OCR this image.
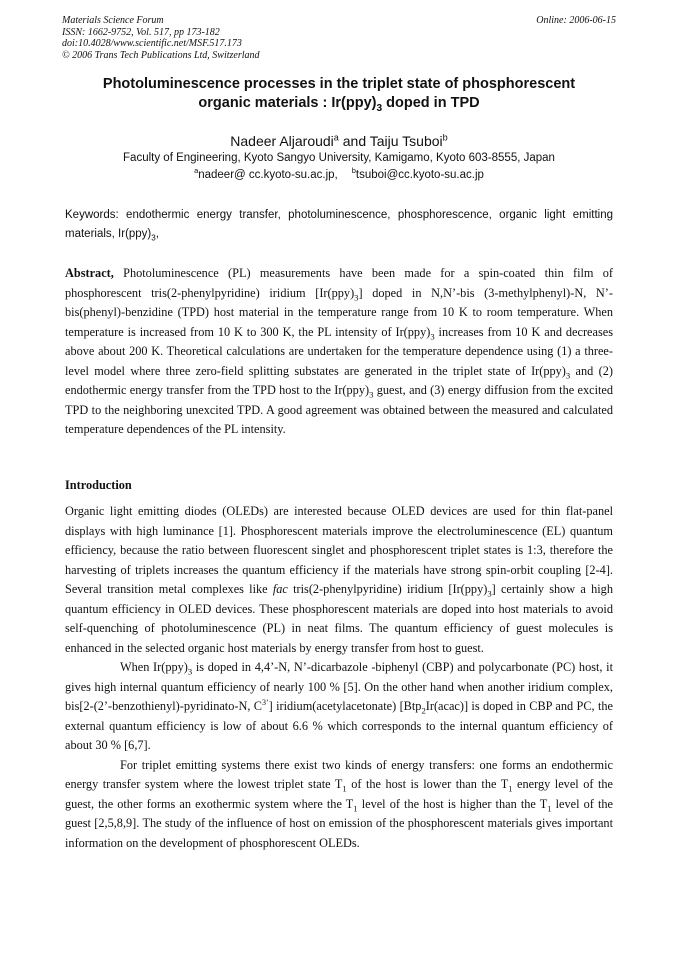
Materials Science Forum
ISSN: 1662-9752, Vol. 517, pp 173-182
doi:10.4028/www.scientific.net/MSF.517.173
© 2006 Trans Tech Publications Ltd, Switzerland
Online: 2006-06-15
Photoluminescence processes in the triplet state of phosphorescent
organic materials : $Ir(ppy)_3$ doped in TPD
Nadeer Aljaroudi$^a$ and Taiju Tsuboi$^b$
Faculty of Engineering, Kyoto Sangyo University, Kamigamo, Kyoto 603-8555, Japan
$^a$nadeer@ cc.kyoto-su.ac.jp, $^b$tsuboi@cc.kyoto-su.ac.jp
Keywords: endothermic energy transfer, photoluminescence, phosphorescence, organic light emitting materials, $Ir(ppy)_3$,
Abstract, Photoluminescence (PL) measurements have been made for a spin-coated thin film of phosphorescent tris(2-phenylpyridine) iridium $[Ir(ppy)_3]$ doped in N,N’-bis (3-methylphenyl)-N, N’-bis(phenyl)-benzidine (TPD) host material in the temperature range from 10 K to room temperature. When temperature is increased from 10 K to 300 K, the PL intensity of $Ir(ppy)_3$ increases from 10 K and decreases above about 200 K. Theoretical calculations are undertaken for the temperature dependence using (1) a three-level model where three zero-field splitting substates are generated in the triplet state of $Ir(ppy)_3$ and (2) endothermic energy transfer from the TPD host to the $Ir(ppy)_3$ guest, and (3) energy diffusion from the excited TPD to the neighboring unexcited TPD. A good agreement was obtained between the measured and calculated temperature dependences of the PL intensity.
Introduction

Organic light emitting diodes (OLEDs) are interested because OLED devices are used for thin flat-panel displays with high luminance [1]. Phosphorescent materials improve the electroluminescence (EL) quantum efficiency, because the ratio between fluorescent singlet and phosphorescent triplet states is 1:3, therefore the harvesting of triplets increases the quantum efficiency if the materials have strong spin-orbit coupling [2-4]. Several transition metal complexes like fac tris(2-phenylpyridine) iridium $[Ir(ppy)_3]$ certainly show a high quantum efficiency in OLED devices. These phosphorescent materials are doped into host materials to avoid self-quenching of photoluminescence (PL) in neat films. The quantum efficiency of guest molecules is enhanced in the selected organic host materials by energy transfer from host to guest.

When $Ir(ppy)_3$ is doped in 4,4’-N, N’-dicarbazole -biphenyl (CBP) and polycarbonate (PC) host, it gives high internal quantum efficiency of nearly 100 % [5]. On the other hand when another iridium complex, bis[2-(2’-benzothienyl)-pyridinato-N, $C^{3’}$] iridium(acetylacetonate) [Btp$_2$Ir(acac)] is doped in CBP and PC, the external quantum efficiency is low of about 6.6 % which corresponds to the internal quantum efficiency of about 30 % [6,7].

For triplet emitting systems there exist two kinds of energy transfers: one forms an endothermic energy transfer system where the lowest triplet state $T_1$ of the host is lower than the $T_1$ energy level of the guest, the other forms an exothermic system where the $T_1$ level of the host is higher than the $T_1$ level of the guest [2,5,8,9]. The study of the influence of host on emission of the phosphorescent materials gives important information on the development of phosphorescent OLEDs.
